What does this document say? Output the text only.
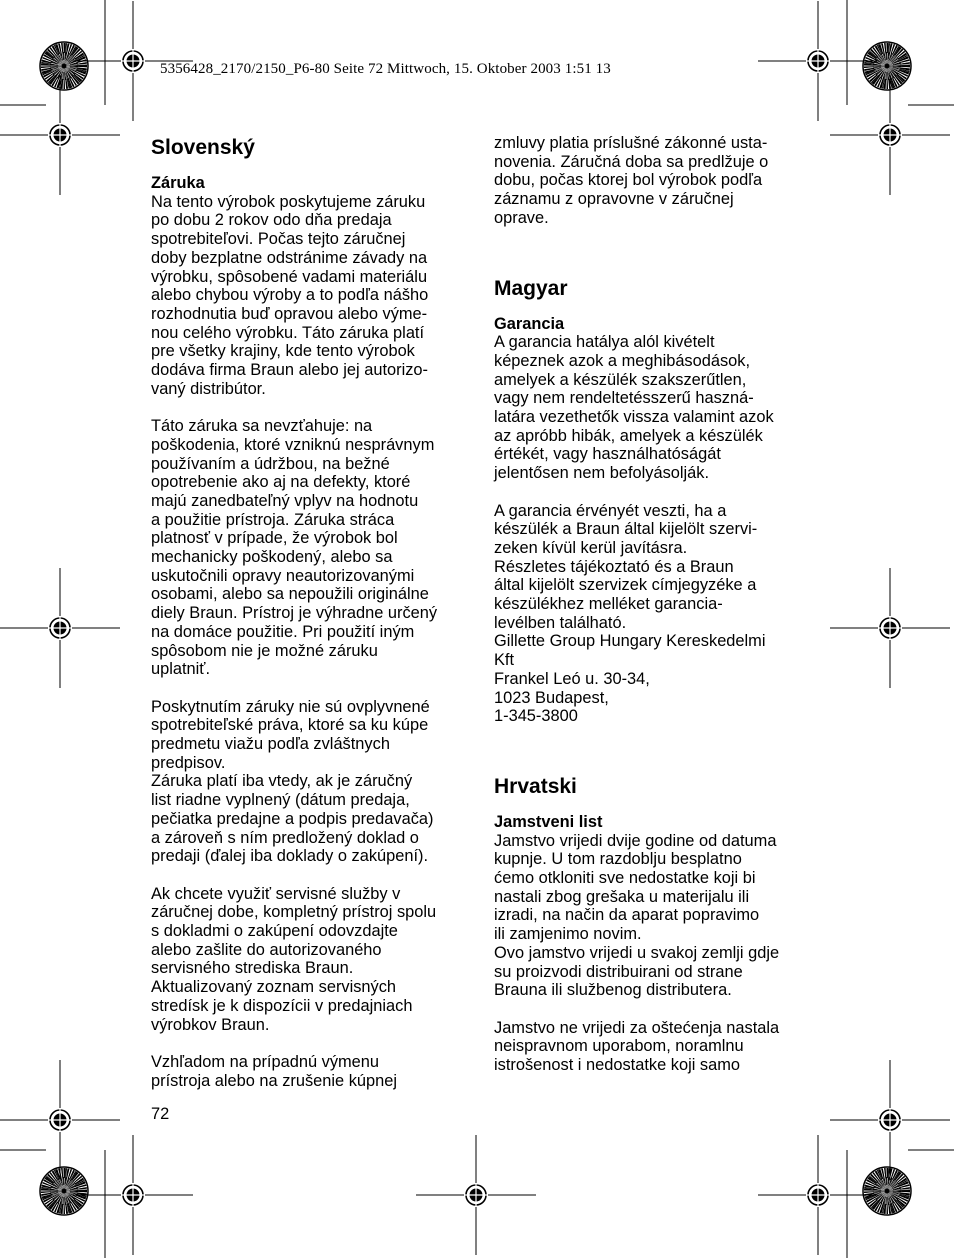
5356428_2170/2150_P6-80 Seite 72 Mittwoch, 15. Oktober 2003 1:51 13
Slovenský
Záruka
Na tento výrobok poskytujeme záruku
po dobu 2 rokov odo dňa predaja
spotrebiteľovi. Počas tejto záručnej
doby bezplatne odstránime závady na
výrobku, spôsobené vadami materiálu
alebo chybou výroby a to podľa nášho
rozhodnutia buď opravou alebo výme-
nou celého výrobku. Táto záruka platí
pre všetky krajiny, kde tento výrobok
dodáva firma Braun alebo jej autorizo-
vaný distribútor.
Táto záruka sa nevzťahuje: na
poškodenia, ktoré vzniknú nesprávnym
používaním a údržbou, na bežné
opotrebenie ako aj na defekty, ktoré
majú zanedbateľný vplyv na hodnotu
a použitie prístroja. Záruka stráca
platnosť v prípade, že výrobok bol
mechanicky poškodený, alebo sa
uskutočnili opravy neautorizovanými
osobami, alebo sa nepoužili originálne
diely Braun. Prístroj je výhradne určený
na domáce použitie. Pri použití iným
spôsobom nie je možné záruku
uplatniť.
Poskytnutím záruky nie sú ovplyvnené
spotrebiteľské práva, ktoré sa ku kúpe
predmetu viažu podľa zvláštnych
predpisov.
Záruka platí iba vtedy, ak je záručný
list riadne vyplnený (dátum predaja,
pečiatka predajne a podpis predavača)
a zároveň s ním predložený doklad o
predaji (ďalej iba doklady o zakúpení).
Ak chcete využiť servisné služby v
záručnej dobe, kompletný prístroj spolu
s dokladmi o zakúpení odovzdajte
alebo zašlite do autorizovaného
servisného strediska Braun.
Aktualizovaný zoznam servisných
stredísk je k dispozícii v predajniach
výrobkov Braun.
Vzhľadom na prípadnú výmenu
prístroja alebo na zrušenie kúpnej
zmluvy platia príslušné zákonné usta-
novenia. Záručná doba sa predlžuje o
dobu, počas ktorej bol výrobok podľa
záznamu z opravovne v záručnej
oprave.
Magyar
Garancia
A garancia hatálya alól kivételt
képeznek azok a meghibásodások,
amelyek a készülék szakszerűtlen,
vagy nem rendeltetésszerű haszná-
latára vezethetők vissza valamint azok
az apróbb hibák, amelyek a készülék
értékét, vagy használhatóságát
jelentősen nem befolyásolják.
A garancia érvényét veszti, ha a
készülék a Braun által kijelölt szervi-
zeken kívül kerül javításra.
Részletes tájékoztató és a Braun
által kijelölt szervizek címjegyzéke a
készülékhez melléket garancia-
levélben található.
Gillette Group Hungary Kereskedelmi
Kft
Frankel Leó u. 30-34,
1023 Budapest,
1-345-3800
Hrvatski
Jamstveni list
Jamstvo vrijedi dvije godine od datuma
kupnje. U tom razdoblju besplatno
ćemo otkloniti sve nedostatke koji bi
nastali zbog grešaka u materijalu ili
izradi, na način da aparat popravimo
ili zamjenimo novim.
Ovo jamstvo vrijedi u svakoj zemlji gdje
su proizvodi distribuirani od strane
Brauna ili službenog distributera.
Jamstvo ne vrijedi za oštećenja nastala
neispravnom uporabom, noramlnu
istrošenost i nedostatke koji samo
72
